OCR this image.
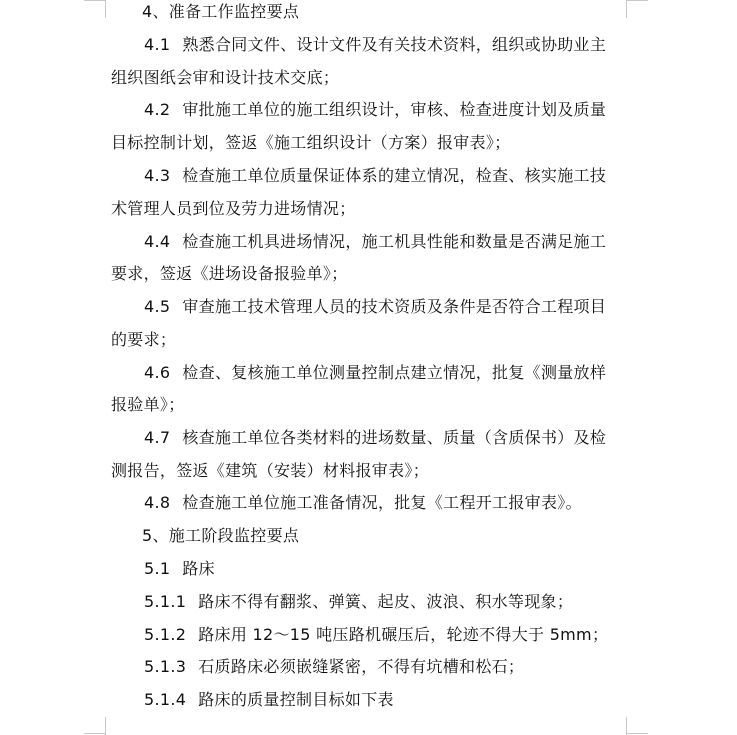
4、准备工作监控要点
4.1 熟悉合同文件、设计文件及有关技术资料，组织或协助业主
组织图纸会审和设计技术交底；
4.2 审批施工单位的施工组织设计，审核、检查进度计划及质量
目标控制计划，签返《施工组织设计（方案）报审表》；
4.3 检查施工单位质量保证体系的建立情况，检查、核实施工技
术管理人员到位及劳力进场情况；
4.4 检查施工机具进场情况，施工机具性能和数量是否满足施工
要求，签返《进场设备报验单》；
4.5 审查施工技术管理人员的技术资质及条件是否符合工程项目
的要求；
4.6 检查、复核施工单位测量控制点建立情况，批复《测量放样
报验单》；
4.7 核查施工单位各类材料的进场数量、质量（含质保书）及检
测报告，签返《建筑（安装）材料报审表》；
4.8 检查施工单位施工准备情况，批复《工程开工报审表》。
5、施工阶段监控要点
5.1 路床
5.1.1 路床不得有翻浆、弹簧、起皮、波浪、积水等现象；
5.1.2 路床用 12～15 吨压路机碾压后，轮迹不得大于 5mm；
5.1.3 石质路床必须嵌缝紧密，不得有坑槽和松石；
5.1.4 路床的质量控制目标如下表
